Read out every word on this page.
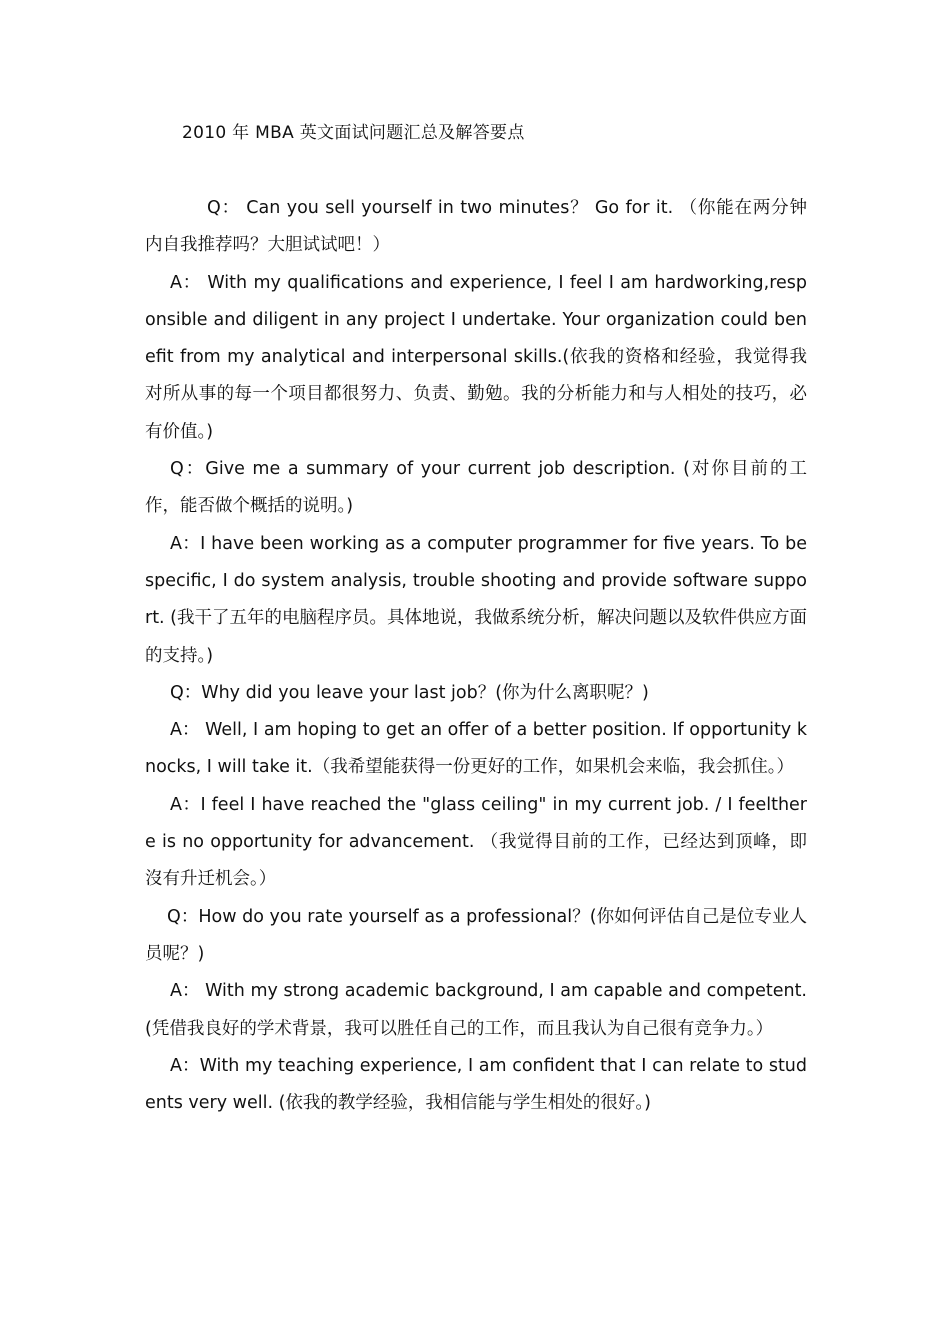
2010 年 MBA 英文面试问题汇总及解答要点

Q： Can you sell yourself in two minutes？ Go for it. （你能在两分钟内自我推荐吗？大胆试试吧！）

A： With my qualifications and experience, I feel I am hardworking,responsible and diligent in any project I undertake. Your organization could benefit from my analytical and interpersonal skills.(依我的资格和经验，我觉得我对所从事的每一个项目都很努力、负责、勤勉。我的分析能力和与人相处的技巧，必有价值。)

Q：Give me a summary of your current job description. (对你目前的工作，能否做个概括的说明。)

A：I have been working as a computer programmer for five years. To be specific, I do system analysis, trouble shooting and provide software support. (我干了五年的电脑程序员。具体地说，我做系统分析，解决问题以及软件供应方面的支持。)

Q：Why did you leave your last job？(你为什么离职呢？)

A： Well, I am hoping to get an offer of a better position. If opportunity knocks, I will take it.（我希望能获得一份更好的工作，如果机会来临，我会抓住。）

A：I feel I have reached the "glass ceiling" in my current job. / I feelthere is no opportunity for advancement. （我觉得目前的工作，已经达到顶峰，即沒有升迁机会。）

Q：How do you rate yourself as a professional？(你如何评估自己是位专业人员呢？)

A： With my strong academic background, I am capable and competent. (凭借我良好的学术背景，我可以胜任自己的工作，而且我认为自己很有竞争力。）

A：With my teaching experience, I am confident that I can relate to students very well. (依我的教学经验，我相信能与学生相处的很好。)
